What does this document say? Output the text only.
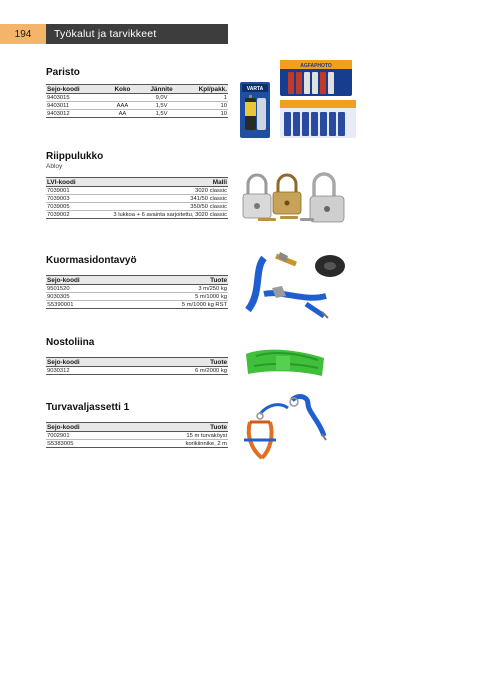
194	Työkalut ja tarvikkeet
Paristo
Sejo-koodi	Koko	Jännite	Kpl/pakk.
9403015		9,0V	1
9403011	AAA	1,5V	10
9403012	AA	1,5V	10
VARTA
AGFAPHOTO
Riippulukko
Abloy
LVI-koodi	Malli
7039001	3020 classic
7039003	341/50 classic
7039005	350/50 classic
7039002	3 lukkoa + 6 avainta sarjoitettu, 3020 classic
Kuormasidontavyö
Sejo-koodi	Tuote
9501520	3 m/250 kg
9030305	5 m/1000 kg
S5390001	5 m/1000 kg RST
Nostoliina
Sejo-koodi	Tuote
9030312	6 m/2000 kg
Turvavaljassetti 1
Sejo-koodi	Tuote
7002901	15 m turvaköysi
S5383005	korikiinnike, 2 m
